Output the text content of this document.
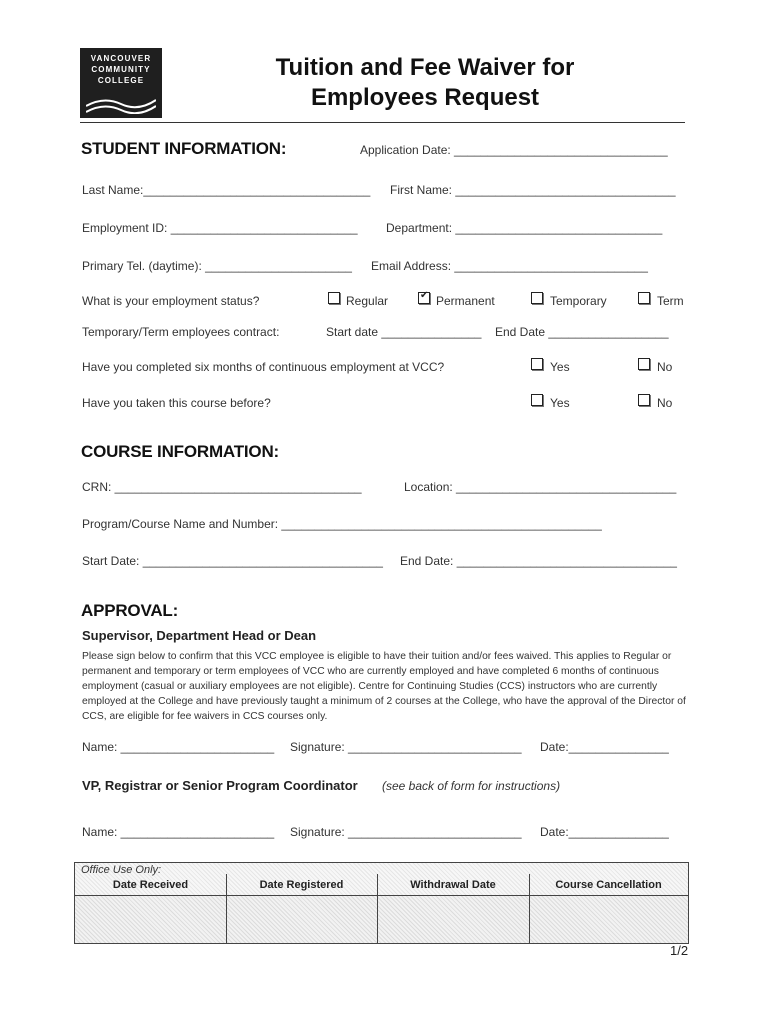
VANCOUVER
COMMUNITY
COLLEGE	Tuition and Fee Waiver for
Employees Request
STUDENT INFORMATION:	Application Date: ________________________________
Last Name:__________________________________ First Name: _________________________________
Employment ID: ____________________________ Department: _______________________________
Primary Tel. (daytime): ______________________ Email Address: _____________________________
What is your employment status?	Regular
✔	Permanent	Temporary	Term
Temporary/Term employees contract:	Start date _______________ End Date __________________
Have you completed six months of continuous employment at VCC?	Yes	No
Have you taken this course before?	Yes	No
COURSE INFORMATION:
CRN: _____________________________________	Location: _________________________________
Program/Course Name and Number: ________________________________________________
Start Date: ____________________________________ End Date: _________________________________
APPROVAL:
Supervisor, Department Head or Dean
Please sign below to confirm that this VCC employee is eligible to have their tuition and/or fees waived. This applies to Regular or permanent and temporary or term employees of VCC who are currently employed and have completed 6 months of continuous employment (casual or auxiliary employees are not eligible). Centre for Continuing Studies (CCS) instructors who are currently employed at the College and have previously taught a minimum of 2 courses at the College, who have the approval of the Director of CCS, are eligible for fee waivers in CCS courses only.
Name: _______________________ Signature: __________________________ Date:_______________
VP, Registrar or Senior Program Coordinator (see back of form for instructions)
Name: _______________________ Signature: __________________________ Date:_______________
Office Use Only:
Date Received	Date Registered	Withdrawal Date	Course Cancellation
1/2
